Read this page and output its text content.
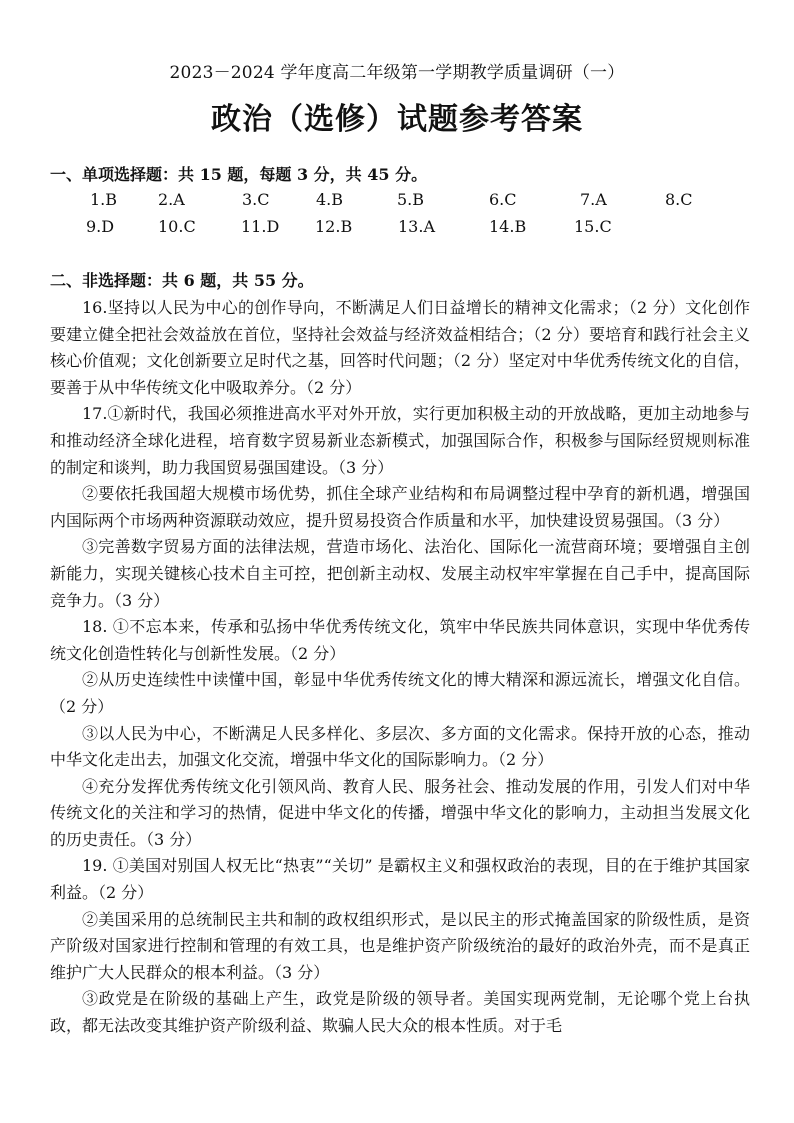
2023－2024 学年度高二年级第一学期教学质量调研（一）
政治（选修）试题参考答案
一、单项选择题：共 15 题，每题 3 分，共 45 分。
1.B	2.A	3.C	4.B	5.B	6.C	7.A	8.C
9.D	10.C	11.D 12.B	13.A	14.B	15.C
二、非选择题：共 6 题，共 55 分。

16.坚持以人民为中心的创作导向，不断满足人们日益增长的精神文化需求；（2 分）文化创作要建立健全把社会效益放在首位，坚持社会效益与经济效益相结合；（2 分）要培育和践行社会主义核心价值观；文化创新要立足时代之基，回答时代问题；（2 分）坚定对中华优秀传统文化的自信，要善于从中华传统文化中吸取养分。（2 分）

17.①新时代，我国必须推进高水平对外开放，实行更加积极主动的开放战略，更加主动地参与和推动经济全球化进程，培育数字贸易新业态新模式，加强国际合作，积极参与国际经贸规则标准的制定和谈判，助力我国贸易强国建设。（3 分）

②要依托我国超大规模市场优势，抓住全球产业结构和布局调整过程中孕育的新机遇，增强国内国际两个市场两种资源联动效应，提升贸易投资合作质量和水平，加快建设贸易强国。（3 分）

③完善数字贸易方面的法律法规，营造市场化、法治化、国际化一流营商环境；要增强自主创新能力，实现关键核心技术自主可控，把创新主动权、发展主动权牢牢掌握在自己手中，提高国际竞争力。（3 分）

18. ①不忘本来，传承和弘扬中华优秀传统文化，筑牢中华民族共同体意识，实现中华优秀传统文化创造性转化与创新性发展。（2 分）

②从历史连续性中读懂中国，彰显中华优秀传统文化的博大精深和源远流长，增强文化自信。（2 分）

③以人民为中心，不断满足人民多样化、多层次、多方面的文化需求。保持开放的心态，推动中华文化走出去，加强文化交流，增强中华文化的国际影响力。（2 分）

④充分发挥优秀传统文化引领风尚、教育人民、服务社会、推动发展的作用，引发人们对中华传统文化的关注和学习的热情，促进中华文化的传播，增强中华文化的影响力，主动担当发展文化的历史责任。（3 分）

19. ①美国对别国人权无比“热衷”“关切” 是霸权主义和强权政治的表现，目的在于维护其国家利益。（2 分）

②美国采用的总统制民主共和制的政权组织形式，是以民主的形式掩盖国家的阶级性质，是资产阶级对国家进行控制和管理的有效工具，也是维护资产阶级统治的最好的政治外壳，而不是真正维护广大人民群众的根本利益。（3 分）

③政党是在阶级的基础上产生，政党是阶级的领导者。美国实现两党制，无论哪个党上台执政，都无法改变其维护资产阶级利益、欺骗人民大众的根本性质。对于毛
